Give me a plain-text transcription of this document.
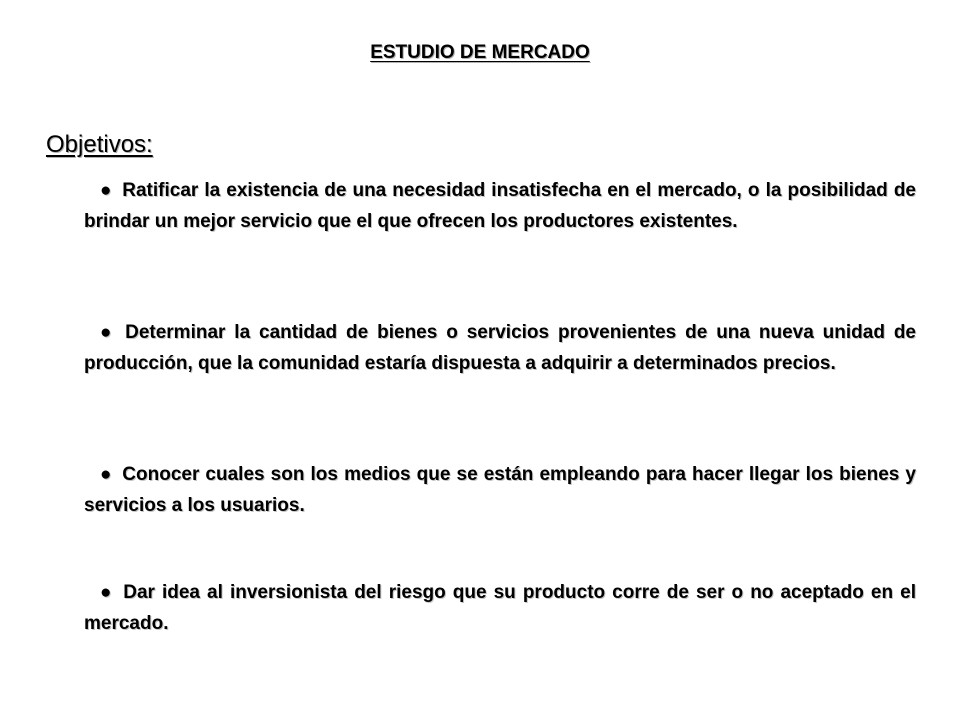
ESTUDIO DE MERCADO
Objetivos:
● Ratificar la existencia de una necesidad insatisfecha en el mercado, o la posibilidad de brindar un mejor servicio que el que ofrecen los productores existentes.
● Determinar la cantidad de bienes o servicios provenientes de una nueva unidad de producción, que la comunidad estaría dispuesta a adquirir a determinados precios.
● Conocer cuales son los medios que se están empleando para hacer llegar los bienes y servicios a los usuarios.
● Dar idea al inversionista del riesgo que su producto corre de ser o no aceptado en el mercado.
